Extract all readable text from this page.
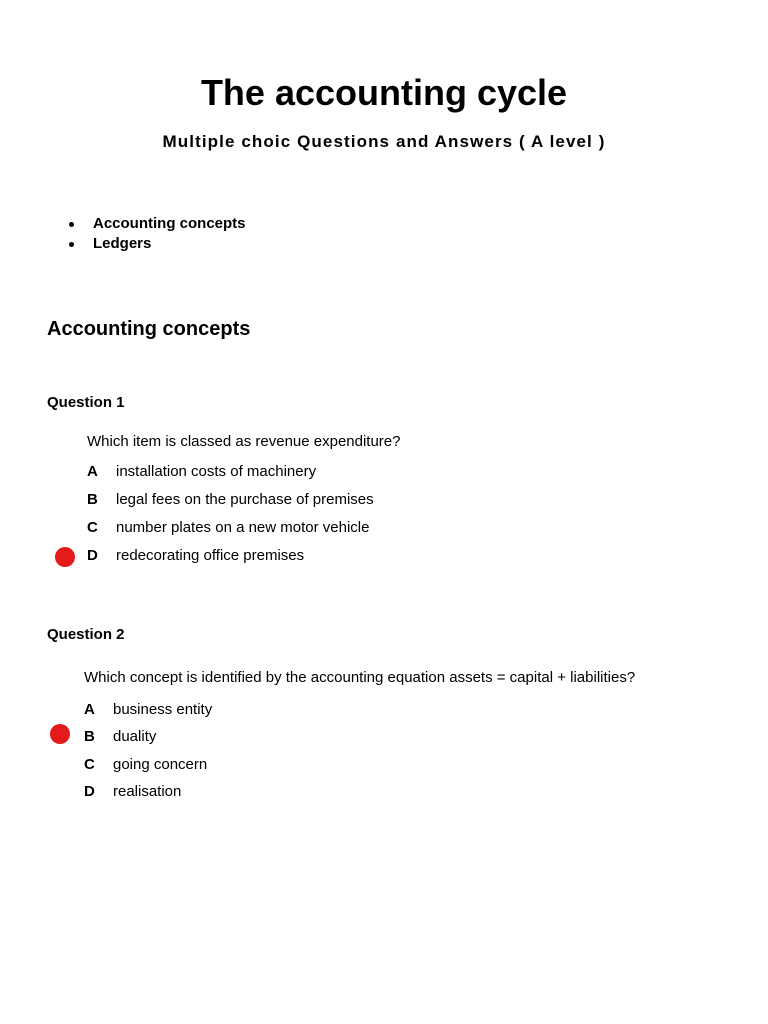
The accounting cycle
Multiple choic Questions and Answers ( A level )
Accounting concepts
Ledgers
Accounting concepts
Question 1
Which item is classed as revenue expenditure?
A installation costs of machinery
B legal fees on the purchase of premises
C number plates on a new motor vehicle
D redecorating office premises
Question 2
Which concept is identified by the accounting equation assets = capital + liabilities?
A business entity
B duality
C going concern
D realisation
